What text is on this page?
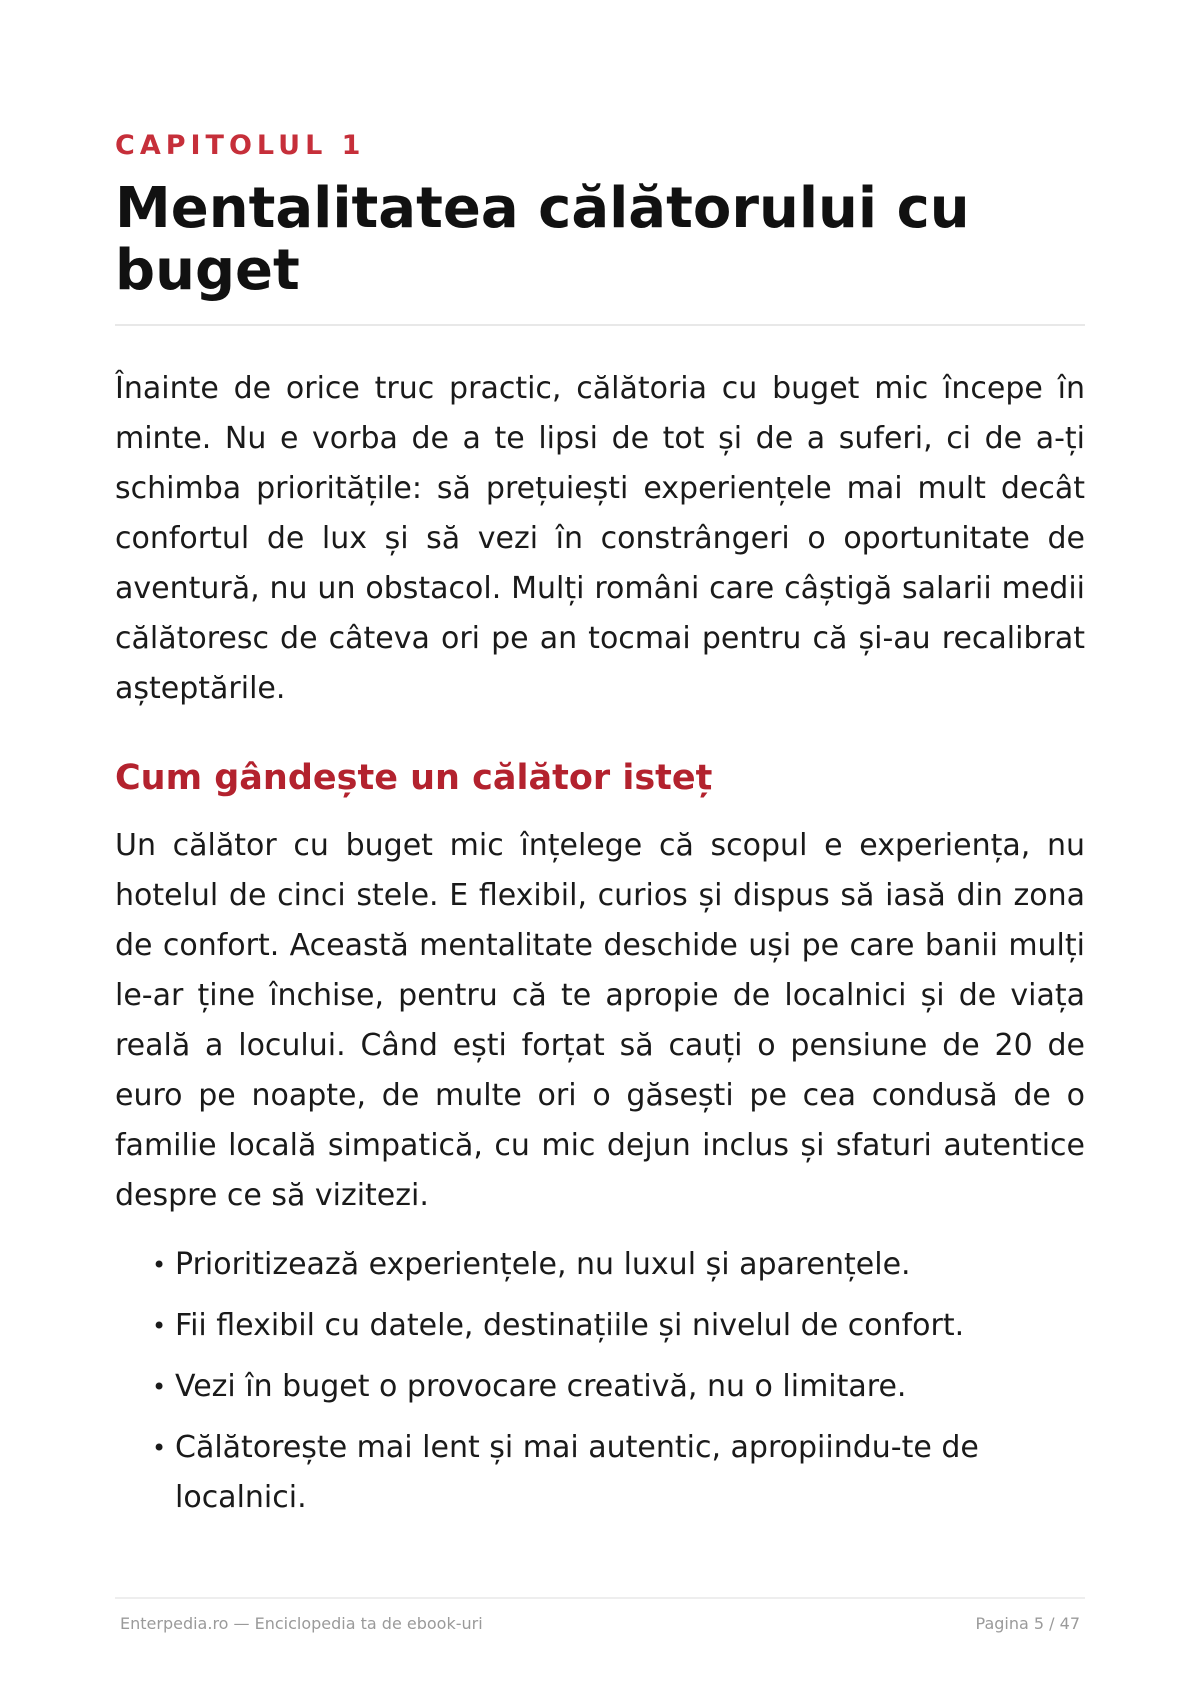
CAPITOLUL 1
Mentalitatea călătorului cu buget

Înainte de orice truc practic, călătoria cu buget mic începe în minte. Nu e vorba de a te lipsi de tot și de a suferi, ci de a-ți schimba prioritățile: să prețuiești experiențele mai mult decât confortul de lux și să vezi în constrângeri o oportunitate de aventură, nu un obstacol. Mulți români care câștigă salarii medii călătoresc de câteva ori pe an tocmai pentru că și-au recalibrat așteptările.

Cum gândește un călător isteț

Un călător cu buget mic înțelege că scopul e experiența, nu hotelul de cinci stele. E flexibil, curios și dispus să iasă din zona de confort. Această mentalitate deschide uși pe care banii mulți le-ar ține închise, pentru că te apropie de localnici și de viața reală a locului. Când ești forțat să cauți o pensiune de 20 de euro pe noapte, de multe ori o găsești pe cea condusă de o familie locală simpatică, cu mic dejun inclus și sfaturi autentice despre ce să vizitezi.

• Prioritizează experiențele, nu luxul și aparențele.
• Fii flexibil cu datele, destinațiile și nivelul de confort.
• Vezi în buget o provocare creativă, nu o limitare.
• Călătorește mai lent și mai autentic, apropiindu-te de localnici.
Enterpedia.ro — Enciclopedia ta de ebook-uri	Pagina 5 / 47
